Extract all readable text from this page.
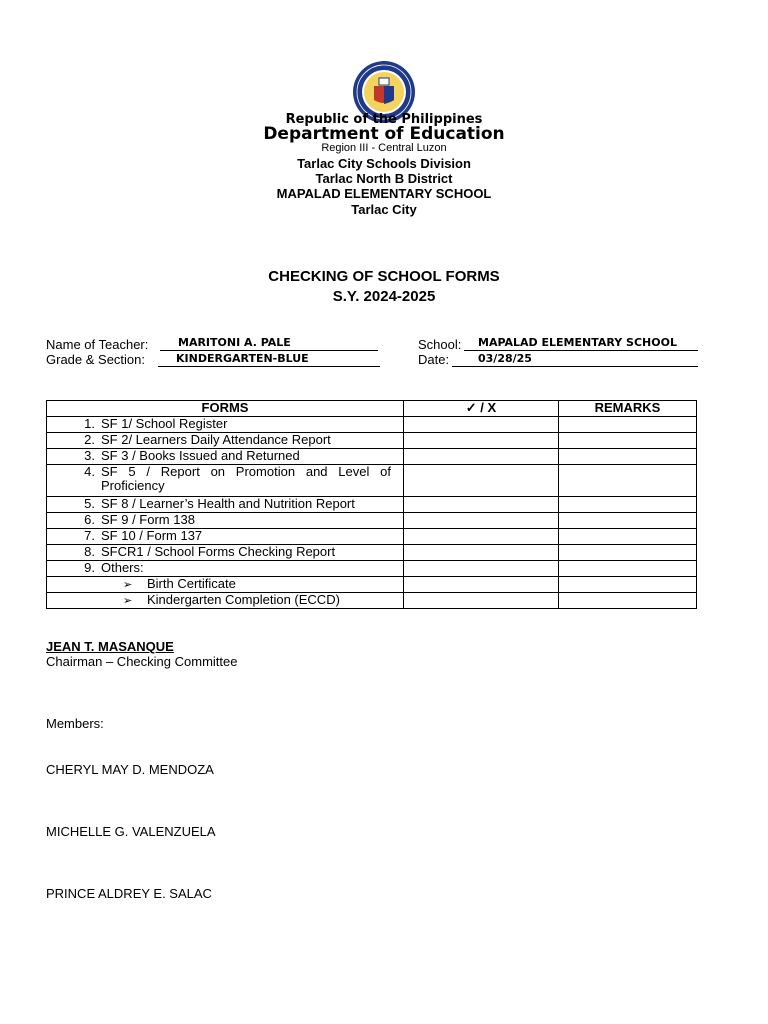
Republic of the Philippines
Department of Education
Region III - Central Luzon
Tarlac City Schools Division
Tarlac North B District
MAPALAD ELEMENTARY SCHOOL
Tarlac City
CHECKING OF SCHOOL FORMS
S.Y. 2024-2025
Name of Teacher:	MARITONI A. PALE
Grade & Section:	KINDERGARTEN-BLUE
School:	MAPALAD ELEMENTARY SCHOOL
Date:	03/28/25
FORMS	✓ / X	REMARKS
1. SF 1/ School Register		
2. SF 2/ Learners Daily Attendance Report		
3. SF 3 / Books Issued and Returned		
4. SF 5 / Report on Promotion and Level of Proficiency		
5. SF 8 / Learner’s Health and Nutrition Report		
6. SF 9 / Form 138		
7. SF 10 / Form 137		
8. SFCR1 / School Forms Checking Report		
9. Others:		
➢ Birth Certificate		
➢ Kindergarten Completion (ECCD)		
JEAN T. MASANQUE
Chairman – Checking Committee
Members:
CHERYL MAY D. MENDOZA
MICHELLE G. VALENZUELA
PRINCE ALDREY E. SALAC
